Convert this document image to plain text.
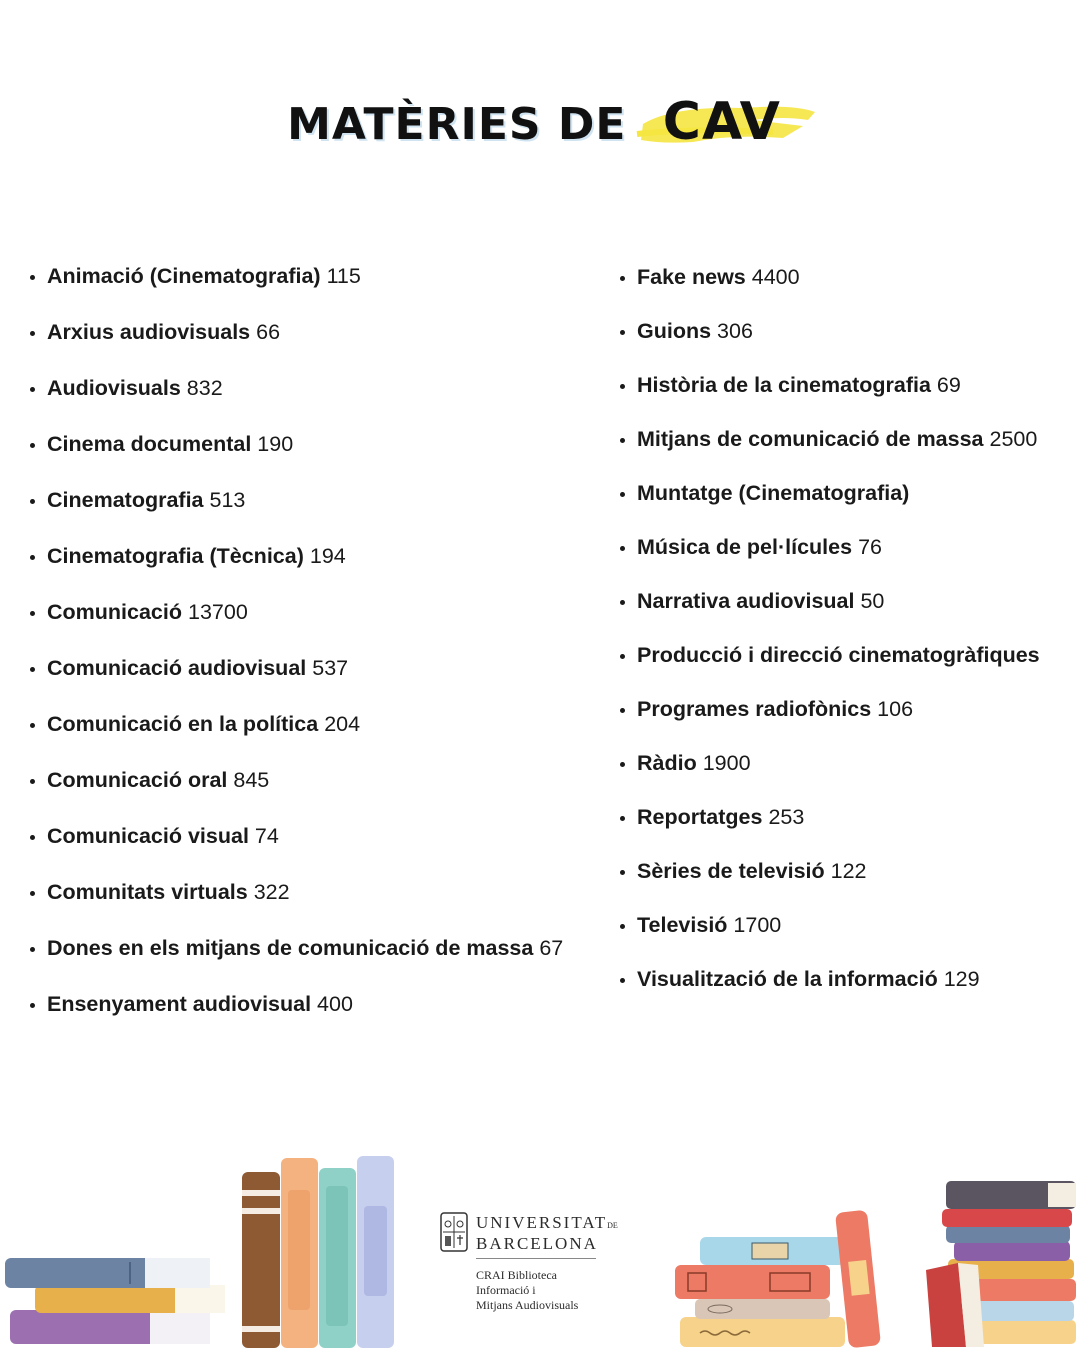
MATÈRIES DE CAV
Animació (Cinematografia) 115
Arxius audiovisuals 66
Audiovisuals 832
Cinema documental 190
Cinematografia 513
Cinematografia (Tècnica) 194
Comunicació 13700
Comunicació audiovisual 537
Comunicació en la política 204
Comunicació oral 845
Comunicació visual 74
Comunitats virtuals 322
Dones en els mitjans de comunicació de massa 67
Ensenyament audiovisual 400
Fake news 4400
Guions 306
Història de la cinematografia 69
Mitjans de comunicació de massa 2500
Muntatge (Cinematografia)
Música de pel·lícules 76
Narrativa audiovisual 50
Producció i direcció cinematogràfiques
Programes radiofònics 106
Ràdio 1900
Reportatges 253
Sèries de televisió 122
Televisió 1700
Visualització de la informació 129
UNIVERSITATDE
BARCELONA
CRAI Biblioteca
Informació i
Mitjans Audiovisuals
